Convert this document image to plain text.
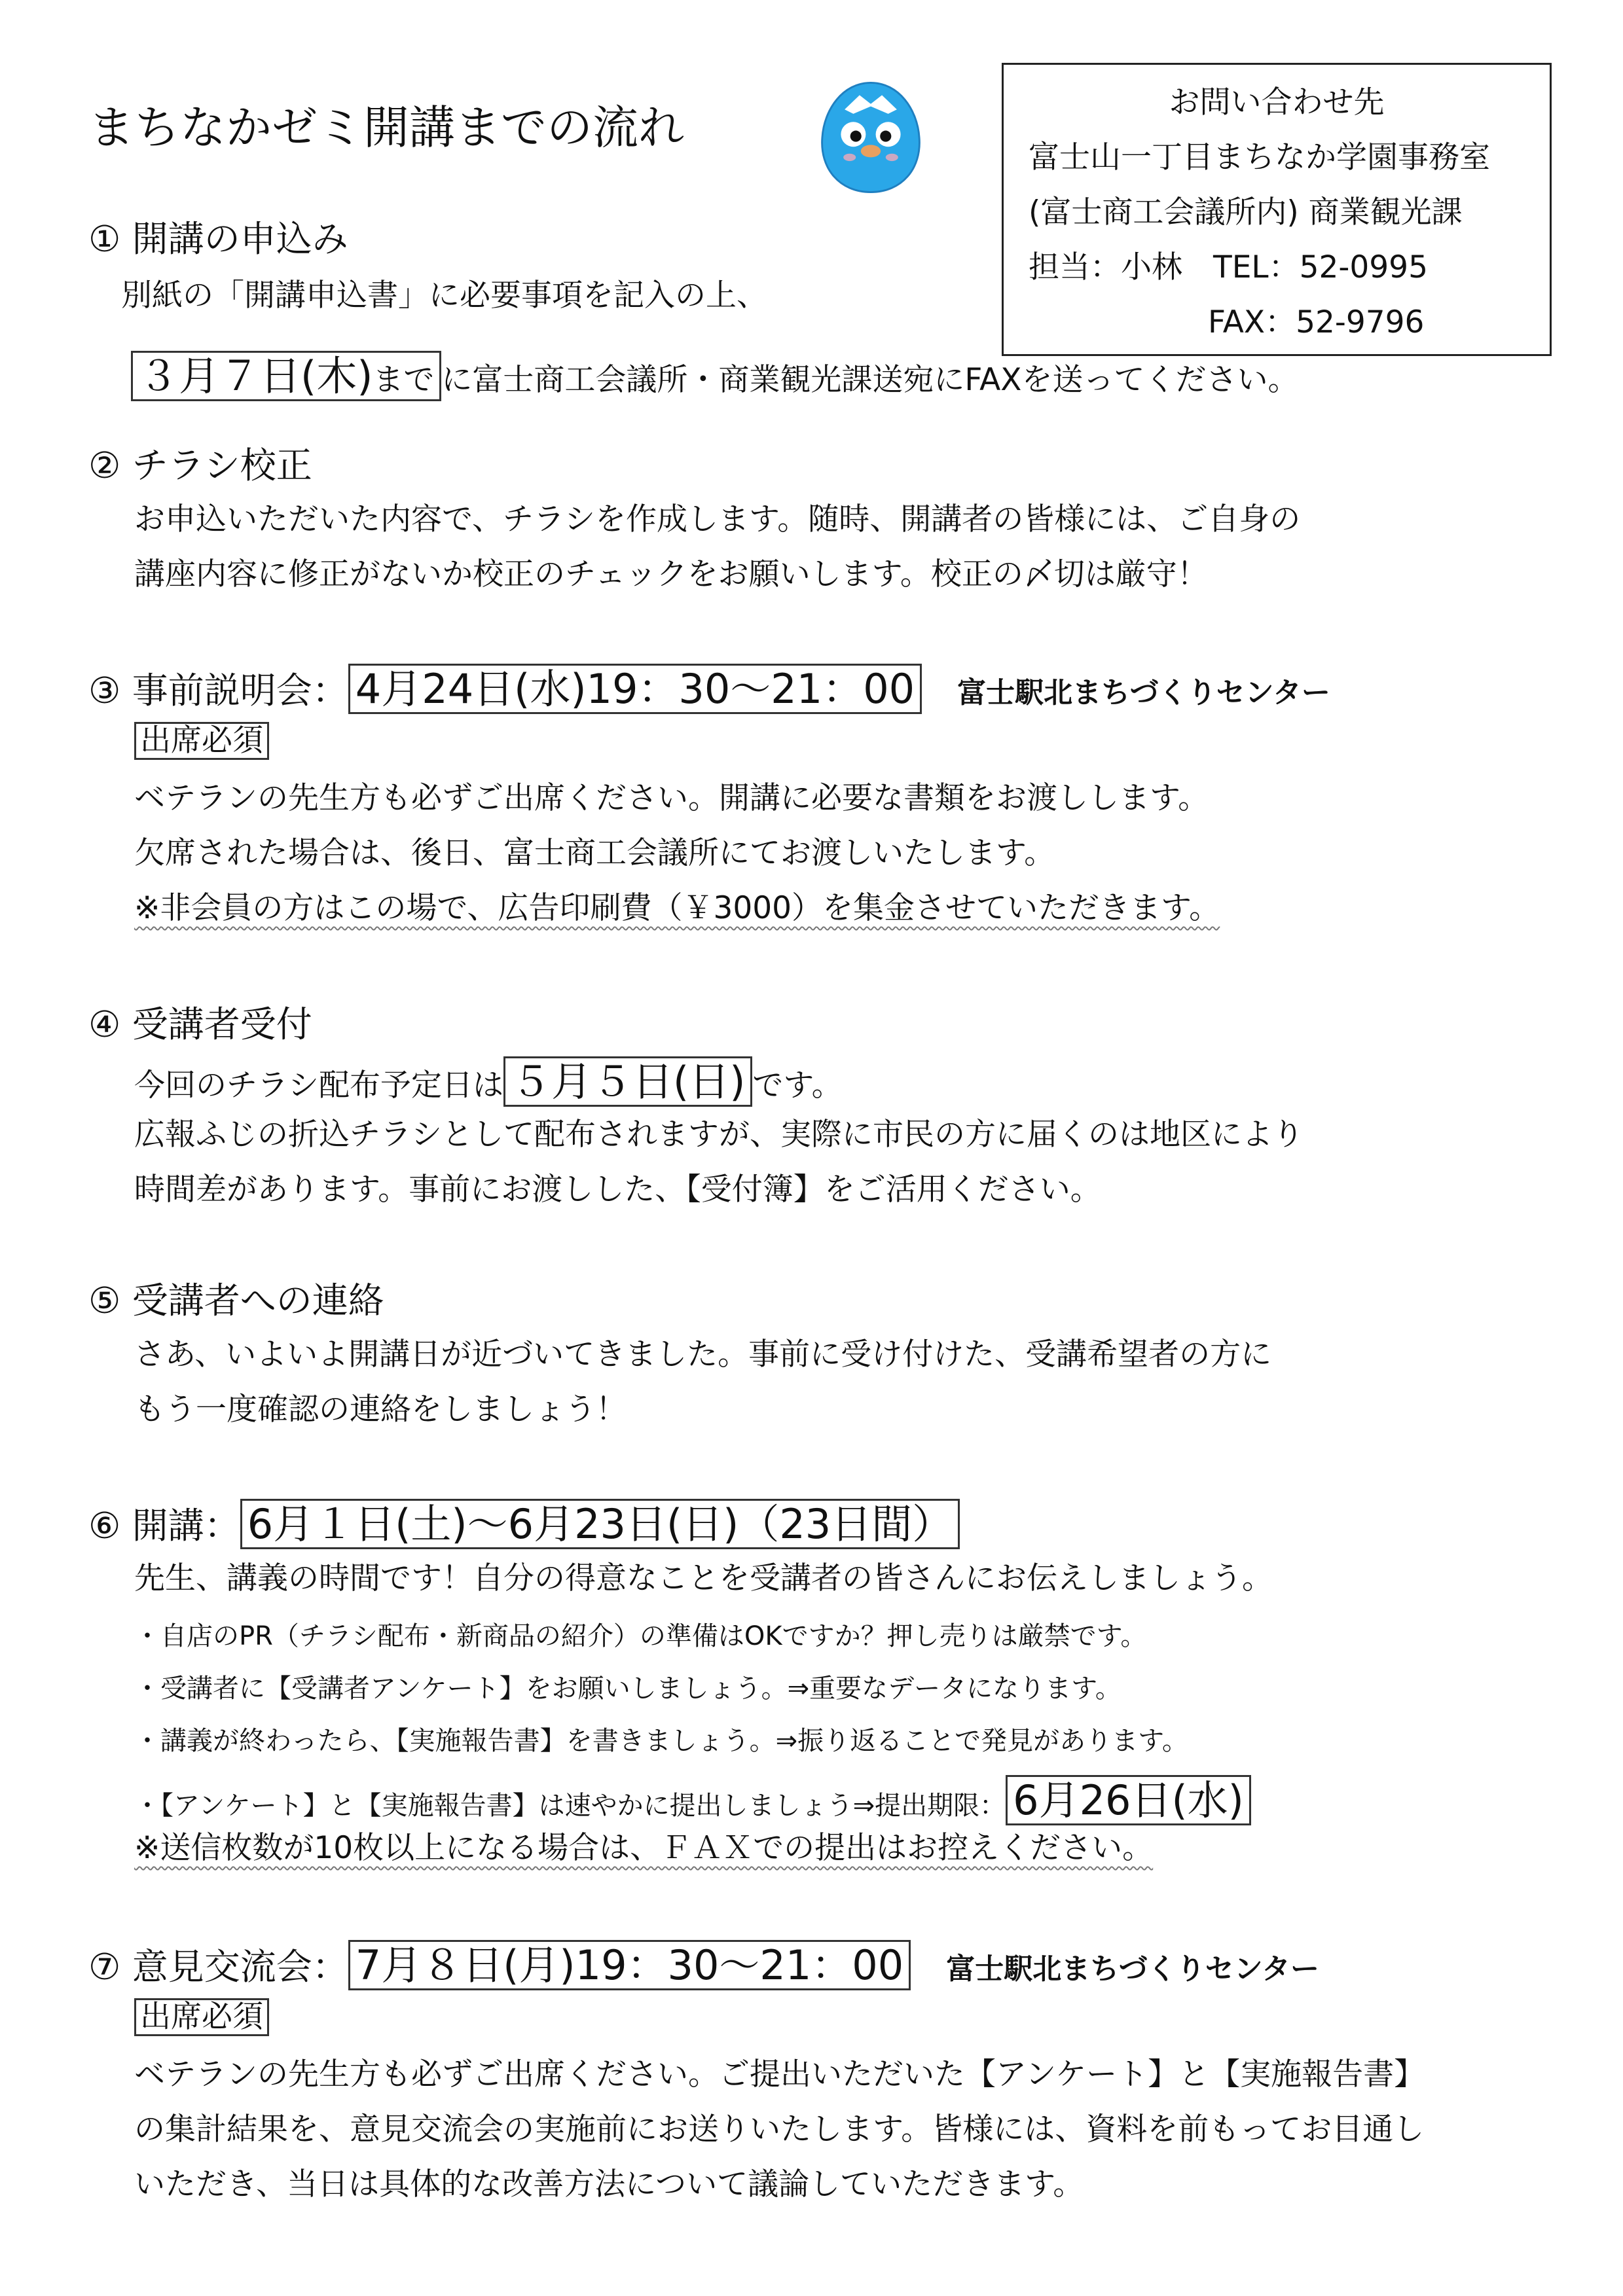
まちなかゼミ開講までの流れ	お問い合わせ先
富士山一丁目まちなか学園事務室
(富士商工会議所内) 商業観光課
担当：小林　TEL：52-0995
FAX：52-9796
① 開講の申込み
別紙の「開講申込書」に必要事項を記入の上、
３月７日(木)まで に富士商工会議所・商業観光課送宛にFAXを送ってください。
② チラシ校正
お申込いただいた内容で、チラシを作成します。随時、開講者の皆様には、ご自身の
講座内容に修正がないか校正のチェックをお願いします。校正の〆切は厳守！
③ 事前説明会： 4月24日(水)19：30〜21：00 富士駅北まちづくりセンター
出席必須
ベテランの先生方も必ずご出席ください。開講に必要な書類をお渡しします。
欠席された場合は、後日、富士商工会議所にてお渡しいたします。
※非会員の方はこの場で、広告印刷費（￥3000）を集金させていただきます。
④ 受講者受付
今回のチラシ配布予定日は ５月５日(日) です。
広報ふじの折込チラシとして配布されますが、実際に市民の方に届くのは地区により
時間差があります。事前にお渡しした、【受付簿】をご活用ください。
⑤ 受講者への連絡
さあ、いよいよ開講日が近づいてきました。事前に受け付けた、受講希望者の方に
もう一度確認の連絡をしましょう！
⑥ 開講： 6月１日(土)〜6月23日(日)（23日間）
先生、講義の時間です！自分の得意なことを受講者の皆さんにお伝えしましょう。
・自店のPR（チラシ配布・新商品の紹介）の準備はOKですか？押し売りは厳禁です。
・受講者に【受講者アンケート】をお願いしましょう。⇒重要なデータになります。
・講義が終わったら、【実施報告書】を書きましょう。⇒振り返ることで発見があります。
・【アンケート】と【実施報告書】は速やかに提出しましょう⇒提出期限： 6月26日(水)
※送信枚数が10枚以上になる場合は、ＦＡＸでの提出はお控えください。
⑦ 意見交流会： 7月８日(月)19：30〜21：00 富士駅北まちづくりセンター
出席必須
ベテランの先生方も必ずご出席ください。ご提出いただいた【アンケート】と【実施報告書】
の集計結果を、意見交流会の実施前にお送りいたします。皆様には、資料を前もってお目通し
いただき、当日は具体的な改善方法について議論していただきます。
